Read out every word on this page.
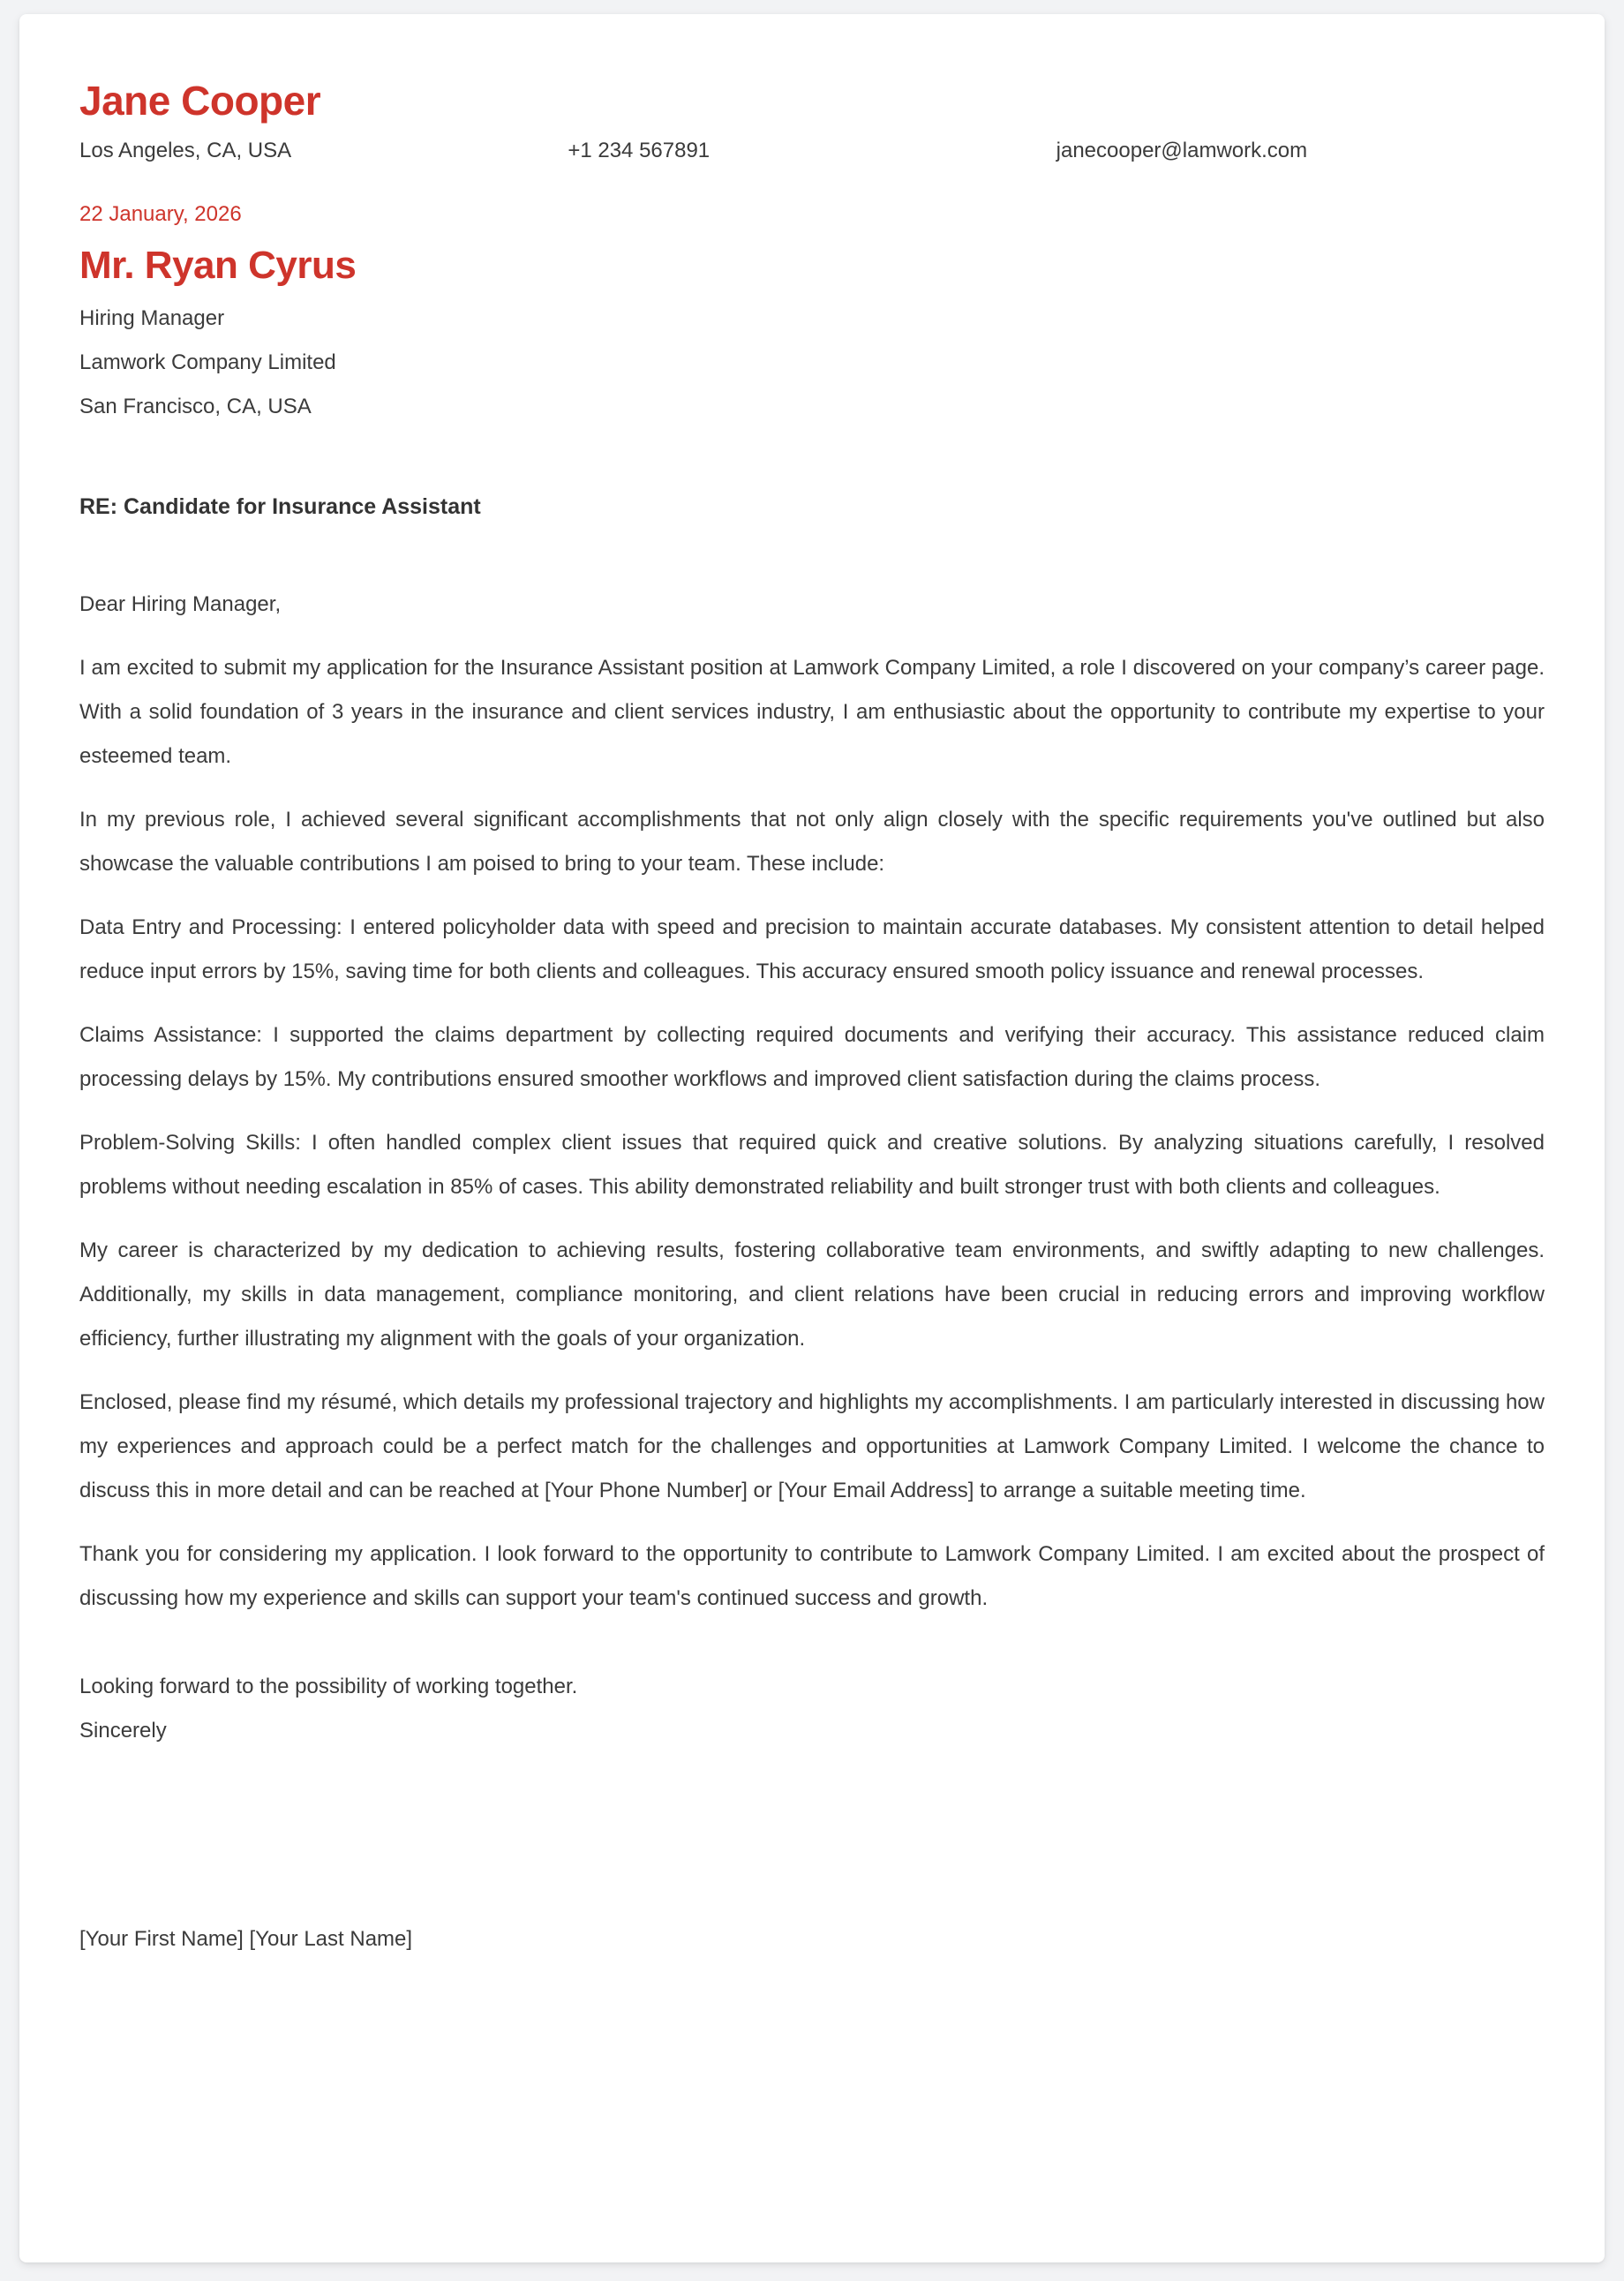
Jane Cooper
Los Angeles, CA, USA	+1 234 567891	janecooper@lamwork.com
22 January, 2026
Mr. Ryan Cyrus
Hiring Manager
Lamwork Company Limited
San Francisco, CA, USA
RE: Candidate for Insurance Assistant

Dear Hiring Manager,

I am excited to submit my application for the Insurance Assistant position at Lamwork Company Limited, a role I discovered on your company’s career page. With a solid foundation of 3 years in the insurance and client services industry, I am enthusiastic about the opportunity to contribute my expertise to your esteemed team.

In my previous role, I achieved several significant accomplishments that not only align closely with the specific requirements you've outlined but also showcase the valuable contributions I am poised to bring to your team. These include:

Data Entry and Processing: I entered policyholder data with speed and precision to maintain accurate databases. My consistent attention to detail helped reduce input errors by 15%, saving time for both clients and colleagues. This accuracy ensured smooth policy issuance and renewal processes.

Claims Assistance: I supported the claims department by collecting required documents and verifying their accuracy. This assistance reduced claim processing delays by 15%. My contributions ensured smoother workflows and improved client satisfaction during the claims process.

Problem-Solving Skills: I often handled complex client issues that required quick and creative solutions. By analyzing situations carefully, I resolved problems without needing escalation in 85% of cases. This ability demonstrated reliability and built stronger trust with both clients and colleagues.

My career is characterized by my dedication to achieving results, fostering collaborative team environments, and swiftly adapting to new challenges. Additionally, my skills in data management, compliance monitoring, and client relations have been crucial in reducing errors and improving workflow efficiency, further illustrating my alignment with the goals of your organization.

Enclosed, please find my résumé, which details my professional trajectory and highlights my accomplishments. I am particularly interested in discussing how my experiences and approach could be a perfect match for the challenges and opportunities at Lamwork Company Limited. I welcome the chance to discuss this in more detail and can be reached at [Your Phone Number] or [Your Email Address] to arrange a suitable meeting time.

Thank you for considering my application. I look forward to the opportunity to contribute to Lamwork Company Limited. I am excited about the prospect of discussing how my experience and skills can support your team's continued success and growth.

Looking forward to the possibility of working together.
Sincerely
[Your First Name] [Your Last Name]
